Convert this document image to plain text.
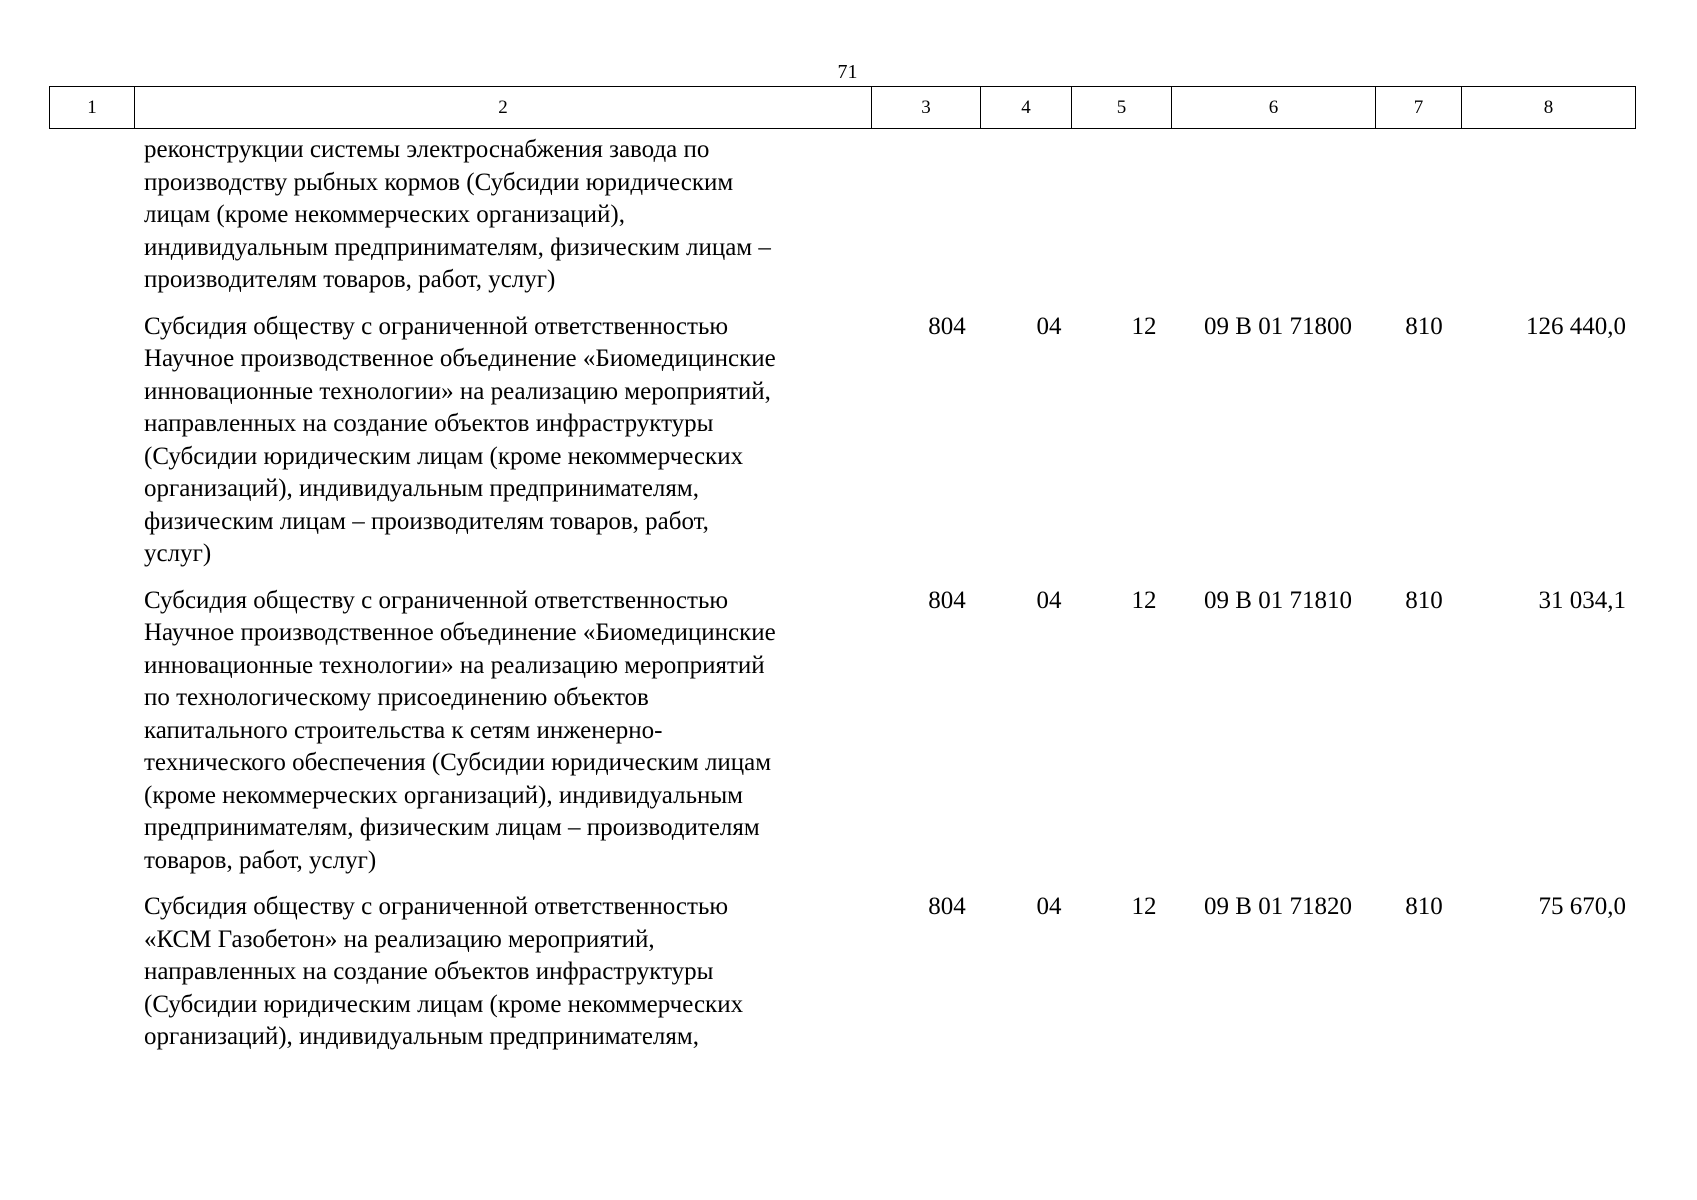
71
1	2	3	4	5	6	7	8
реконструкции системы электроснабжения завода по
производству рыбных кормов (Субсидии юридическим
лицам (кроме некоммерческих организаций),
индивидуальным предпринимателям, физическим лицам –
производителям товаров, работ, услуг)
Субсидия обществу с ограниченной ответственностью
Научное производственное объединение «Биомедицинские
инновационные технологии» на реализацию мероприятий,
направленных на создание объектов инфраструктуры
(Субсидии юридическим лицам (кроме некоммерческих
организаций), индивидуальным предпринимателям,
физическим лицам – производителям товаров, работ,
услуг)
804	04	12	09 В 01 71800	810	126 440,0
Субсидия обществу с ограниченной ответственностью
Научное производственное объединение «Биомедицинские
инновационные технологии» на реализацию мероприятий
по технологическому присоединению объектов
капитального строительства к сетям инженерно-
технического обеспечения (Субсидии юридическим лицам
(кроме некоммерческих организаций), индивидуальным
предпринимателям, физическим лицам – производителям
товаров, работ, услуг)
804	04	12	09 В 01 71810	810	31 034,1
Субсидия обществу с ограниченной ответственностью
«КСМ Газобетон» на реализацию мероприятий,
направленных на создание объектов инфраструктуры
(Субсидии юридическим лицам (кроме некоммерческих
организаций), индивидуальным предпринимателям,
804	04	12	09 В 01 71820	810	75 670,0
